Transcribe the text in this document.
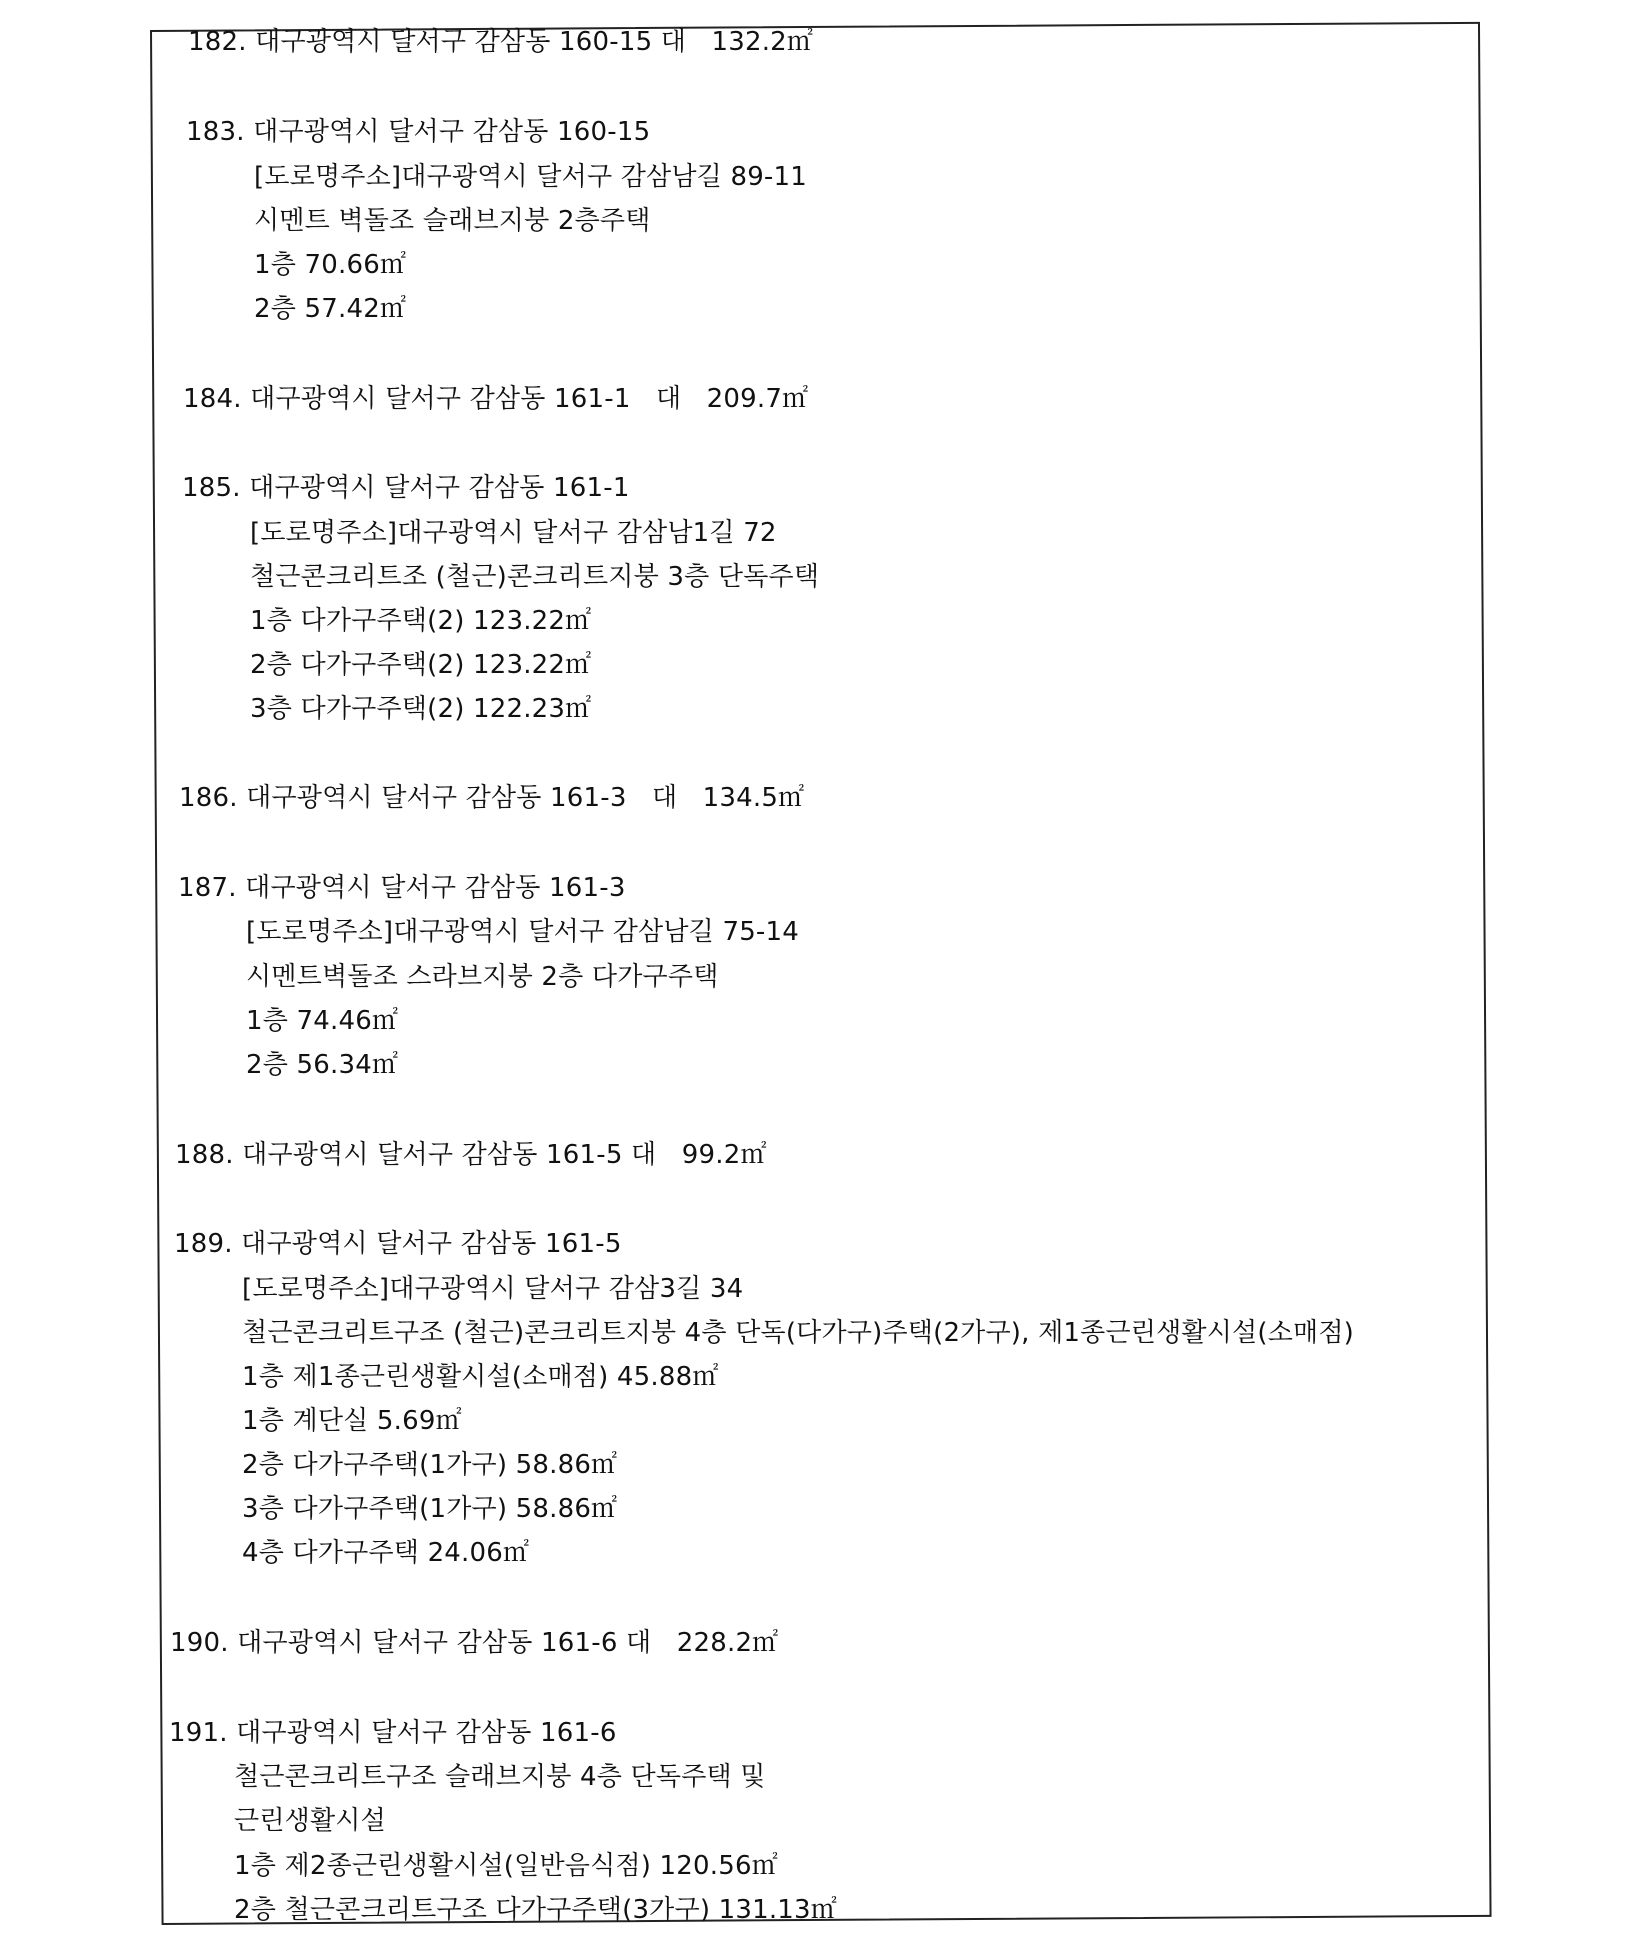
182. 대구광역시 달서구 감삼동 160-15 대   132.2㎡
183. 대구광역시 달서구 감삼동 160-15
[도로명주소]대구광역시 달서구 감삼남길 89-11
시멘트 벽돌조 슬래브지붕 2층주택
1층 70.66㎡
2층 57.42㎡
184. 대구광역시 달서구 감삼동 161-1   대   209.7㎡
185. 대구광역시 달서구 감삼동 161-1
[도로명주소]대구광역시 달서구 감삼남1길 72
철근콘크리트조 (철근)콘크리트지붕 3층 단독주택
1층 다가구주택(2) 123.22㎡
2층 다가구주택(2) 123.22㎡
3층 다가구주택(2) 122.23㎡
186. 대구광역시 달서구 감삼동 161-3   대   134.5㎡
187. 대구광역시 달서구 감삼동 161-3
[도로명주소]대구광역시 달서구 감삼남길 75-14
시멘트벽돌조 스라브지붕 2층 다가구주택
1층 74.46㎡
2층 56.34㎡
188. 대구광역시 달서구 감삼동 161-5 대   99.2㎡
189. 대구광역시 달서구 감삼동 161-5
[도로명주소]대구광역시 달서구 감삼3길 34
철근콘크리트구조 (철근)콘크리트지붕 4층 단독(다가구)주택(2가구), 제1종근린생활시설(소매점)
1층 제1종근린생활시설(소매점) 45.88㎡
1층 계단실 5.69㎡
2층 다가구주택(1가구) 58.86㎡
3층 다가구주택(1가구) 58.86㎡
4층 다가구주택 24.06㎡
190. 대구광역시 달서구 감삼동 161-6 대   228.2㎡
191. 대구광역시 달서구 감삼동 161-6
철근콘크리트구조 슬래브지붕 4층 단독주택 및
근린생활시설
1층 제2종근린생활시설(일반음식점) 120.56㎡
2층 철근콘크리트구조 다가구주택(3가구) 131.13㎡
